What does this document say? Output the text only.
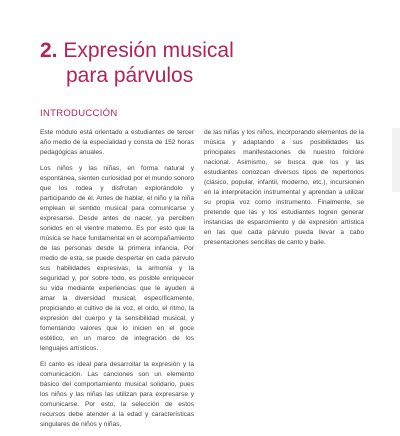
2. Expresión musical
para párvulos
INTRODUCCIÓN

Este módulo está orientado a estudiantes de tercer año medio de la especialidad y consta de 152 horas pedagógicas anuales.

Los niños y las niñas, en forma natural y espontánea, sienten curiosidad por el mundo sonoro que los rodea y disfrutan explorándolo y participando de él. Antes de hablar, el niño y la niña emplean el sentido musical para comunicarse y expresarse. Desde antes de nacer, ya perciben sonidos en el vientre materno. Es por esto que la música se hace fundamental en el acompañamiento de las personas desde la primera infancia. Por medio de esta, se puede despertar en cada párvulo sus habilidades expresivas, la armonía y la seguridad y, por sobre todo, es posible enriquecer su vida mediante experiencias que le ayuden a amar la diversidad musical, específicamente, propiciando el cultivo de la voz, el oído, el ritmo, la expresión del cuerpo y la sensibilidad musical, y fomentando valores que lo inicien en el goce estético, en un marco de integración de los lenguajes artísticos.

El canto es ideal para desarrollar la expresión y la comunicación. Las canciones son un elemento básico del comportamiento musical solidario, pues los niños y las niñas las utilizan para expresarse y comunicarse. Por esto, la selección de estos recursos debe atender a la edad y características singulares de niños y niñas,

de las niñas y los niños, incorporando elementos de la música y adaptando a sus posibilidades las principales manifestaciones de nuestro folclore nacional. Asimismo, se busca que los y las estudiantes conozcan diversos tipos de repertorios (clásico, popular, infantil, moderno, etc.), incursionen en la interpretación instrumental y aprendan a utilizar su propia voz como instrumento. Finalmente, se pretende que las y los estudiantes logren generar instancias de esparcimiento y de expresión artística en las que cada párvulo pueda llevar a cabo presentaciones sencillas de canto y baile.
